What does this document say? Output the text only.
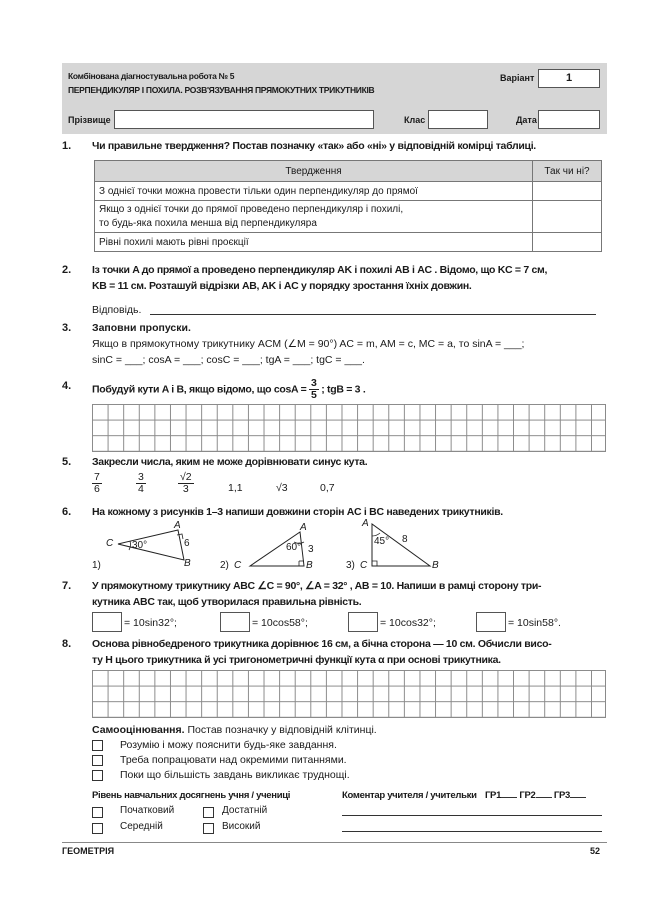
Комбінована діагностувальна робота № 5
ПЕРПЕНДИКУЛЯР І ПОХИЛА. РОЗВ'ЯЗУВАННЯ ПРЯМОКУТНИХ ТРИКУТНИКІВ
Варіант	1
Прізвище	Клас	Дата
1. Чи правильне твердження? Постав позначку «так» або «ні» у відповідній комірці таблиці.
Твердження	Так чи ні?
З однієї точки можна провести тільки один перпендикуляр до прямої	
Якщо з однієї точки до прямої проведено перпендикуляр і похилі,
то будь-яка похила менша від перпендикуляра	
Рівні похилі мають рівні проєкції	
2. Із точки A до прямої a проведено перпендикуляр AK і похилі AB і AC . Відомо, що KC = 7 см,
KB = 11 см. Розташуй відрізки AB, AK і AC у порядку зростання їхніх довжин.
Відповідь.
3. Заповни пропуски.
Якщо в прямокутному трикутнику ACM (∠M = 90°) AC = m, AM = c, MC = a, то sinA = ___;
sinC = ___; cosA = ___; cosC = ___; tgA = ___; tgC = ___.
4. Побудуй кути A і B, якщо відомо, що $\cos A = \frac{3}{5}$ ; tgB = 3 .
5. Закресли числа, яким не може дорівнювати синус кута.
$\frac{7}{6}$	$\frac{3}{4}$	$\frac{√2}{3}$	1,1	√3	0,7
6. На кожному з рисунків 1–3 напиши довжини сторін AC і BC наведених трикутників.
C
A
B
30°	6
1)
A
C	B
60° 3
2)
A
C	B
45° 8
3)
7. У прямокутному трикутнику ABC ∠C = 90°, ∠A = 32° , AB = 10. Напиши в рамці сторону три-
кутника ABC так, щоб утворилася правильна рівність.
= 10sin32°;	= 10cos58°;	= 10cos32°;	= 10sin58°.
8. Основа рівнобедреного трикутника дорівнює 16 см, а бічна сторона — 10 см. Обчисли висо-
ту H цього трикутника й усі тригонометричні функції кута α при основі трикутника.
Самооцінювання. Постав позначку у відповідній клітинці.
Розумію і можу пояснити будь-яке завдання.
Треба попрацювати над окремими питаннями.
Поки що більшість завдань викликає труднощі.
Рівень навчальних досягнень учня / учениці
Початковий	Достатній
Середній	Високий
Коментар учителя / учительки ГР1 ГР2 ГР3
ГЕОМЕТРІЯ	52
